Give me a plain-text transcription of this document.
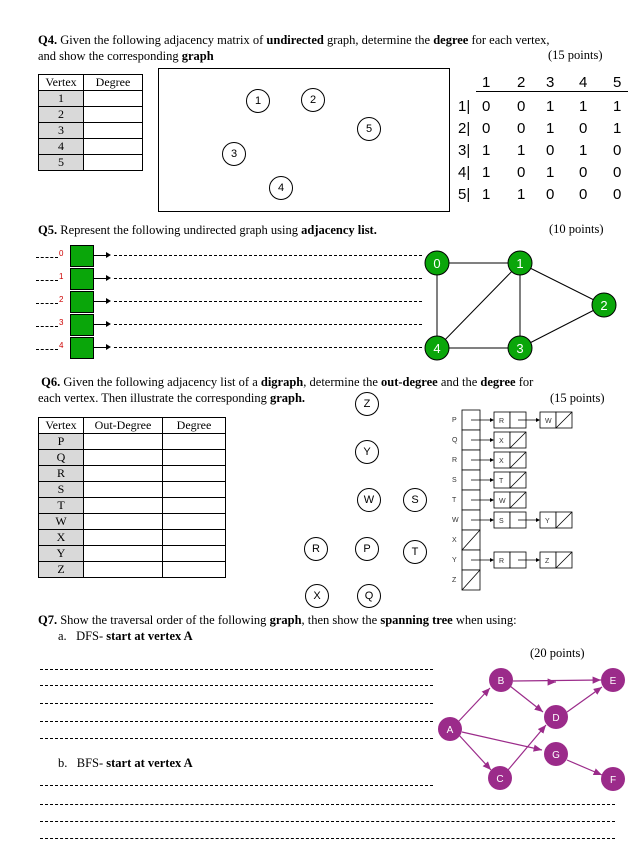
Q4. Given the following adjacency matrix of undirected graph, determine the degree for each vertex,
and show the corresponding graph	(15 points)
Vertex	Degree
1	
2	
3	
4	
5	
1	2
5
3
4
1 2 3 4 5
1| 0 0 1 1 1
2| 0 0 1 0 1
3| 1 1 0 1 0
4| 1 0 1 0 0
5| 1 1 0 0 0
Q5. Represent the following undirected graph using adjacency list.	(10 points)
0
1
2
3
4
0	1
2
4	3
Q6. Given the following adjacency list of a digraph, determine the out-degree and the degree for
each vertex. Then illustrate the corresponding graph.	(15 points)
Vertex	Out-Degree	Degree
P		
Q		
R		
S		
T		
W		
X		
Y		
Z		
Z
Y
W	S
R	P	T
X	Q
P	R	W
Q	X
R	X
S	T
T	W
W	S	Y
X
Y	R	Z
Z
Q7. Show the traversal order of the following graph, then show the spanning tree when using:
a. DFS- start at vertex A
(20 points)
b. BFS- start at vertex A
A
B
C
D
E
F
G
